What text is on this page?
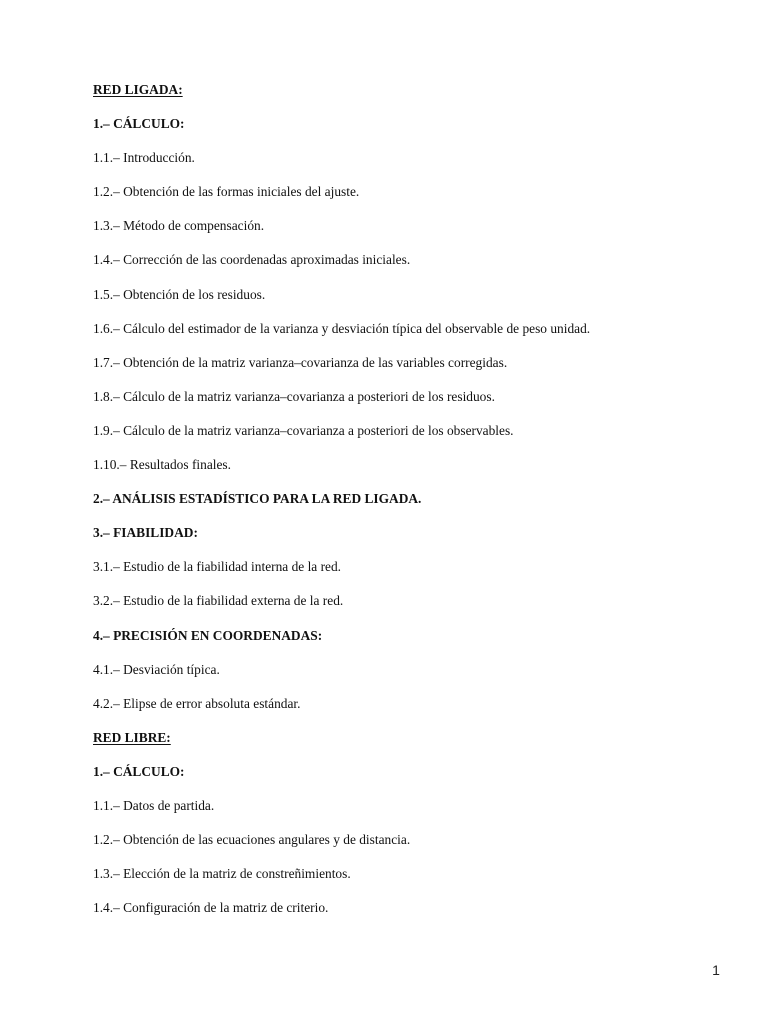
RED LIGADA:
1.– CÁLCULO:
1.1.– Introducción.
1.2.– Obtención de las formas iniciales del ajuste.
1.3.– Método de compensación.
1.4.– Corrección de las coordenadas aproximadas iniciales.
1.5.– Obtención de los residuos.
1.6.– Cálculo del estimador de la varianza y desviación típica del observable de peso unidad.
1.7.– Obtención de la matriz varianza–covarianza de las variables corregidas.
1.8.– Cálculo de la matriz varianza–covarianza a posteriori de los residuos.
1.9.– Cálculo de la matriz varianza–covarianza a posteriori de los observables.
1.10.– Resultados finales.
2.– ANÁLISIS ESTADÍSTICO PARA LA RED LIGADA.
3.– FIABILIDAD:
3.1.– Estudio de la fiabilidad interna de la red.
3.2.– Estudio de la fiabilidad externa de la red.
4.– PRECISIÓN EN COORDENADAS:
4.1.– Desviación típica.
4.2.– Elipse de error absoluta estándar.
RED LIBRE:
1.– CÁLCULO:
1.1.– Datos de partida.
1.2.– Obtención de las ecuaciones angulares y de distancia.
1.3.– Elección de la matriz de constreñimientos.
1.4.– Configuración de la matriz de criterio.
1
